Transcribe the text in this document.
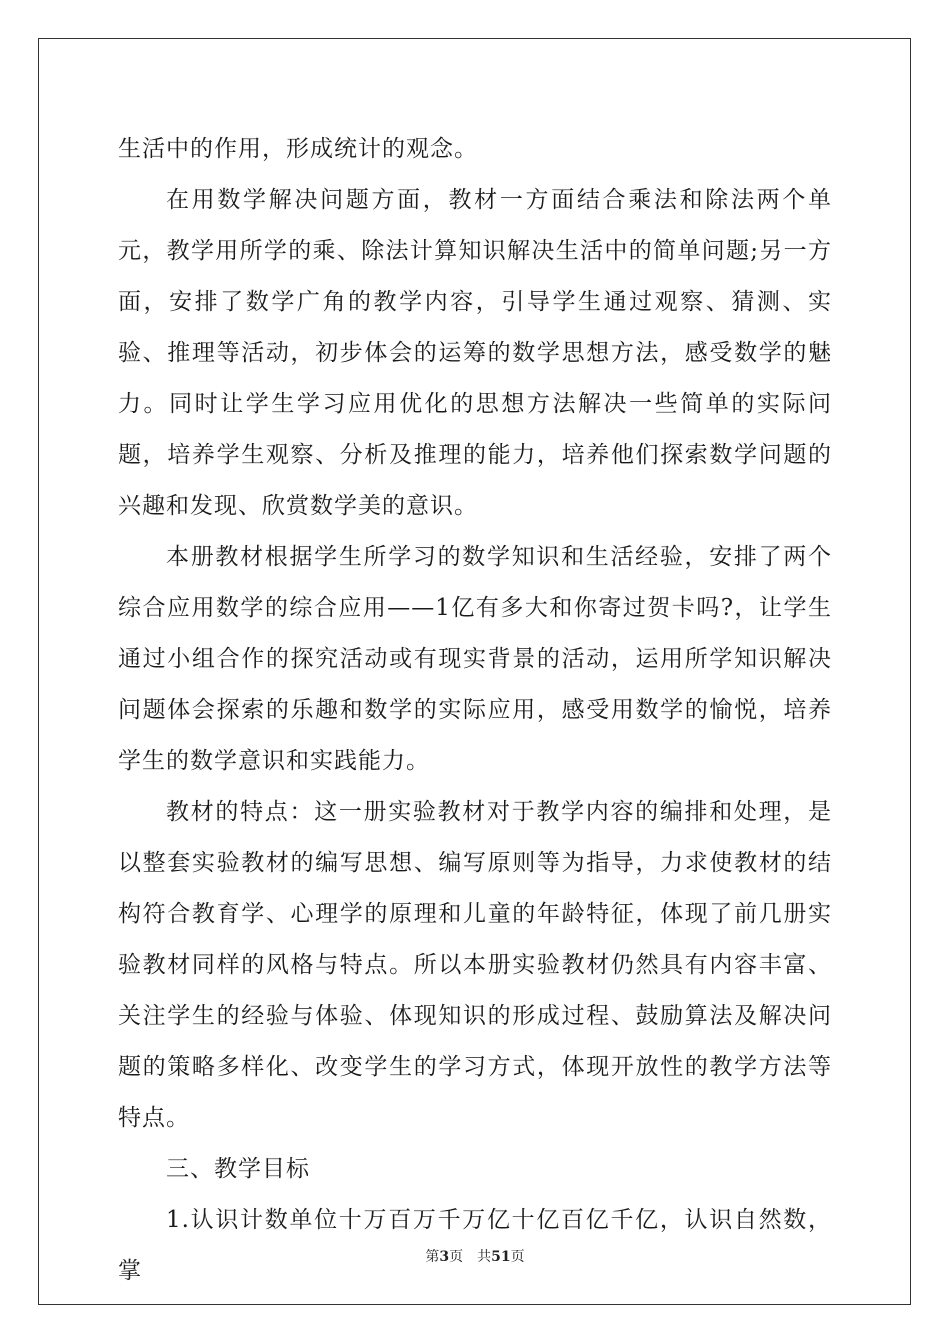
生活中的作用，形成统计的观念。

在用数学解决问题方面，教材一方面结合乘法和除法两个单元，教学用所学的乘、除法计算知识解决生活中的简单问题;另一方面，安排了数学广角的教学内容，引导学生通过观察、猜测、实验、推理等活动，初步体会的运筹的数学思想方法，感受数学的魅力。同时让学生学习应用优化的思想方法解决一些简单的实际问题，培养学生观察、分析及推理的能力，培养他们探索数学问题的兴趣和发现、欣赏数学美的意识。

本册教材根据学生所学习的数学知识和生活经验，安排了两个综合应用数学的综合应用——1亿有多大和你寄过贺卡吗?，让学生通过小组合作的探究活动或有现实背景的活动，运用所学知识解决问题体会探索的乐趣和数学的实际应用，感受用数学的愉悦，培养学生的数学意识和实践能力。

教材的特点：这一册实验教材对于教学内容的编排和处理，是以整套实验教材的编写思想、编写原则等为指导，力求使教材的结构符合教育学、心理学的原理和儿童的年龄特征，体现了前几册实验教材同样的风格与特点。所以本册实验教材仍然具有内容丰富、关注学生的经验与体验、体现知识的形成过程、鼓励算法及解决问题的策略多样化、改变学生的学习方式，体现开放性的教学方法等特点。

三、教学目标

1.认识计数单位十万百万千万亿十亿百亿千亿，认识自然数，掌

第3页　共51页
